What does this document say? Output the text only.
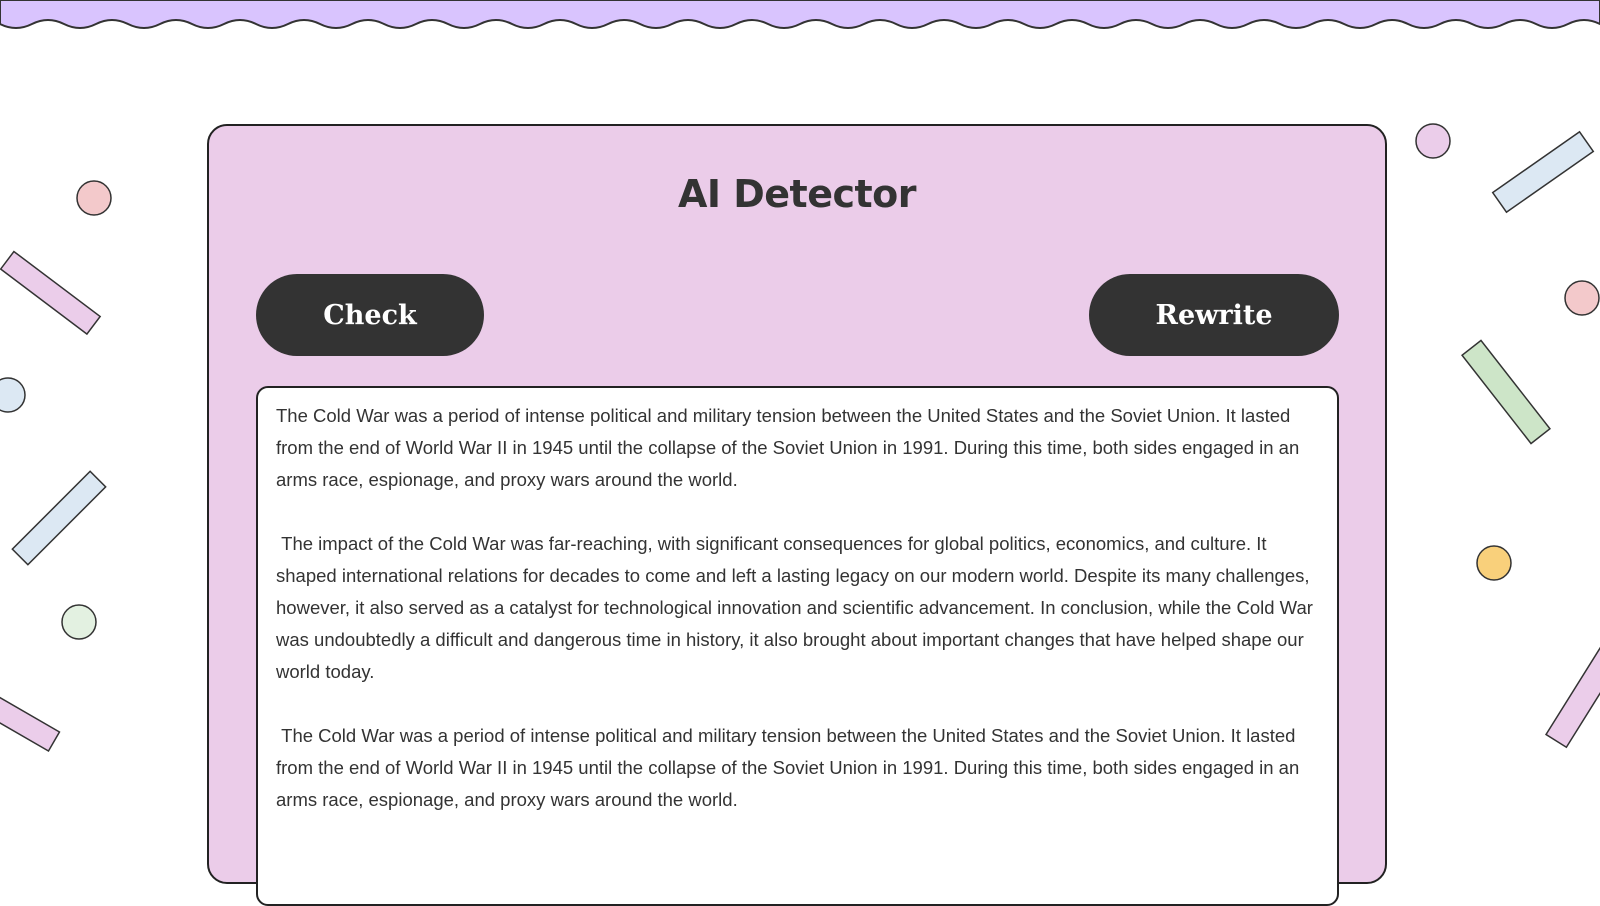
AI Detector
Check	Rewrite

The Cold War was a period of intense political and military tension between the United States and the Soviet Union. It lasted from the end of World War II in 1945 until the collapse of the Soviet Union in 1991. During this time, both sides engaged in an arms race, espionage, and proxy wars around the world.

The impact of the Cold War was far-reaching, with significant consequences for global politics, economics, and culture. It shaped international relations for decades to come and left a lasting legacy on our modern world. Despite its many challenges, however, it also served as a catalyst for technological innovation and scientific advancement. In conclusion, while the Cold War was undoubtedly a difficult and dangerous time in history, it also brought about important changes that have helped shape our world today.

The Cold War was a period of intense political and military tension between the United States and the Soviet Union. It lasted from the end of World War II in 1945 until the collapse of the Soviet Union in 1991. During this time, both sides engaged in an arms race, espionage, and proxy wars around the world.
